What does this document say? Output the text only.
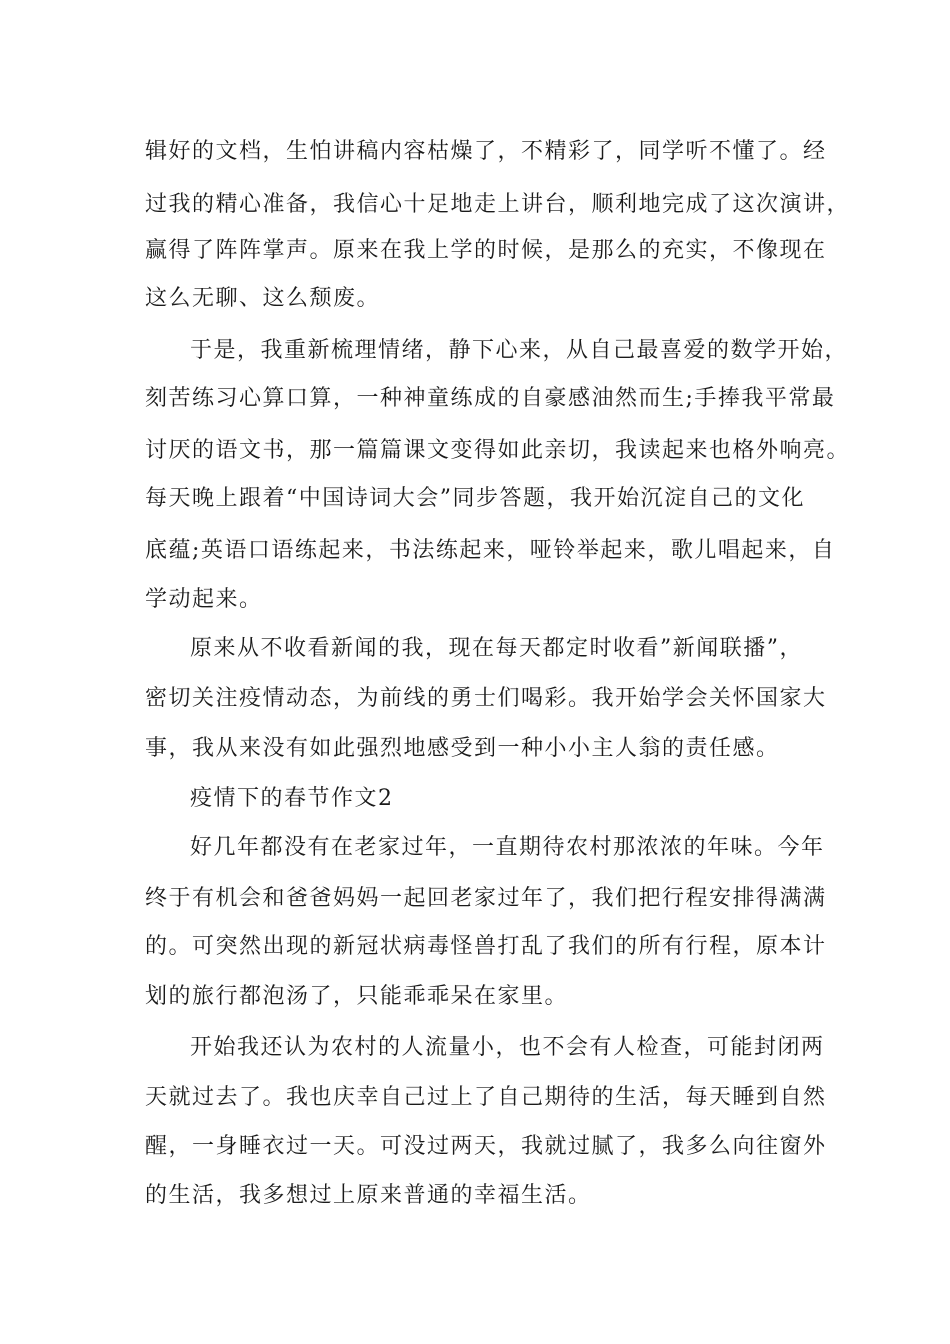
辑好的文档，生怕讲稿内容枯燥了，不精彩了，同学听不懂了。经
过我的精心准备，我信心十足地走上讲台，顺利地完成了这次演讲，
赢得了阵阵掌声。原来在我上学的时候，是那么的充实，不像现在
这么无聊、这么颓废。
于是，我重新梳理情绪，静下心来，从自己最喜爱的数学开始，
刻苦练习心算口算，一种神童练成的自豪感油然而生;手捧我平常最
讨厌的语文书，那一篇篇课文变得如此亲切，我读起来也格外响亮。
每天晚上跟着“中国诗词大会”同步答题，我开始沉淀自己的文化
底蕴;英语口语练起来，书法练起来，哑铃举起来，歌儿唱起来，自
学动起来。
原来从不收看新闻的我，现在每天都定时收看”新闻联播”，
密切关注疫情动态，为前线的勇士们喝彩。我开始学会关怀国家大
事，我从来没有如此强烈地感受到一种小小主人翁的责任感。
疫情下的春节作文2
好几年都没有在老家过年，一直期待农村那浓浓的年味。今年
终于有机会和爸爸妈妈一起回老家过年了，我们把行程安排得满满
的。可突然出现的新冠状病毒怪兽打乱了我们的所有行程，原本计
划的旅行都泡汤了，只能乖乖呆在家里。
开始我还认为农村的人流量小，也不会有人检查，可能封闭两
天就过去了。我也庆幸自己过上了自己期待的生活，每天睡到自然
醒，一身睡衣过一天。可没过两天，我就过腻了，我多么向往窗外
的生活，我多想过上原来普通的幸福生活。
